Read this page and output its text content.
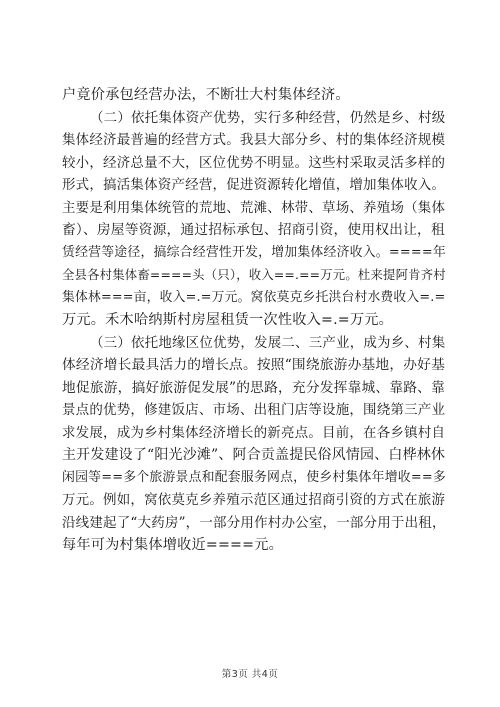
户竟价承包经营办法，不断壮大村集体经济。
（二）依托集体资产优势，实行多种经营，仍然是乡、村级
集体经济最普遍的经营方式。我县大部分乡、村的集体经济规模
较小，经济总量不大，区位优势不明显。这些村采取灵活多样的
形式，搞活集体资产经营，促进资源转化增值，增加集体收入。
主要是利用集体统管的荒地、荒滩、林带、草场、养殖场（集体
畜）、房屋等资源，通过招标承包、招商引资，使用权出让，租
赁经营等途径，搞综合经营性开发，增加集体经济收入。====年
全县各村集体畜====头（只），收入==.==万元。杜来提阿肯齐村
集体林===亩，收入=.=万元。窝依莫克乡托洪台村水费收入=.=
万元。禾木哈纳斯村房屋租赁一次性收入=.=万元。
（三）依托地缘区位优势，发展二、三产业，成为乡、村集
体经济增长最具活力的增长点。按照“围绕旅游办基地，办好基
地促旅游，搞好旅游促发展”的思路，充分发挥靠城、靠路、靠
景点的优势，修建饭店、市场、出租门店等设施，围绕第三产业
求发展，成为乡村集体经济增长的新亮点。目前，在各乡镇村自
主开发建设了“阳光沙滩”、阿合贡盖提民俗风情园、白桦林休
闲园等==多个旅游景点和配套服务网点，使乡村集体年增收==多
万元。例如，窝依莫克乡养殖示范区通过招商引资的方式在旅游
沿线建起了“大药房”，一部分用作村办公室，一部分用于出租，
每年可为村集体增收近====元。
第3页 共4页
